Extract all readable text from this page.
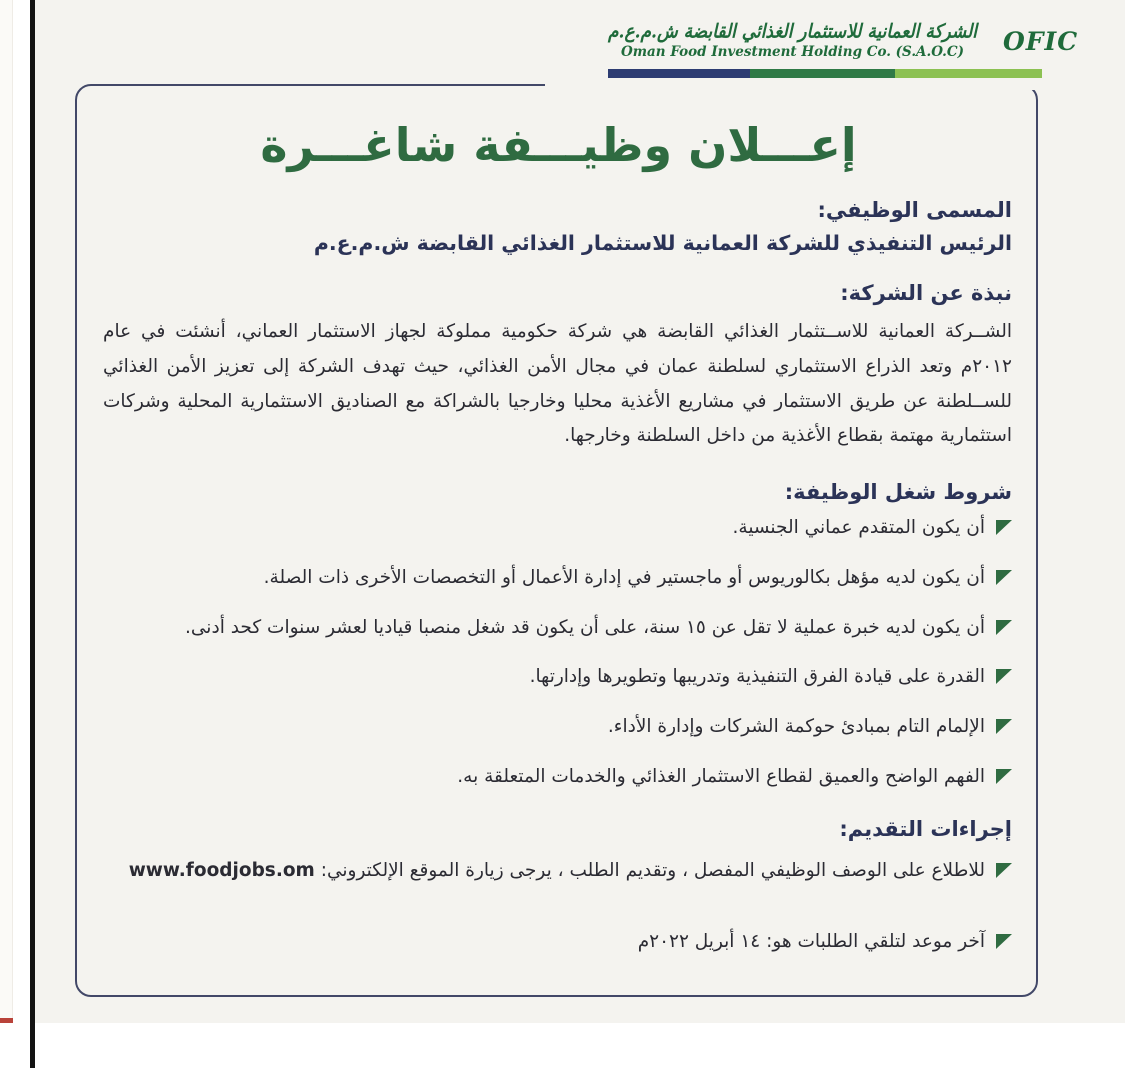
الشركة العمانية للاستثمار الغذائي القابضة ش.م.ع.م
Oman Food Investment Holding Co. (S.A.O.C) OFIC
إعـــلان وظيـــفة شاغـــرة
المسمى الوظيفي:
الرئيس التنفيذي للشركة العمانية للاستثمار الغذائي القابضة ش.م.ع.م
نبذة عن الشركة:
الشــركة العمانية للاســتثمار الغذائي القابضة هي شركة حكومية مملوكة لجهاز الاستثمار العماني، أنشئت في عام ٢٠١٢م وتعد الذراع الاستثماري لسلطنة عمان في مجال الأمن الغذائي، حيث تهدف الشركة إلى تعزيز الأمن الغذائي للســلطنة عن طريق الاستثمار في مشاريع الأغذية محليا وخارجيا بالشراكة مع الصناديق الاستثمارية المحلية وشركات استثمارية مهتمة بقطاع الأغذية من داخل السلطنة وخارجها.
شروط شغل الوظيفة:
أن يكون المتقدم عماني الجنسية.
أن يكون لديه مؤهل بكالوريوس أو ماجستير في إدارة الأعمال أو التخصصات الأخرى ذات الصلة.
أن يكون لديه خبرة عملية لا تقل عن ١٥ سنة، على أن يكون قد شغل منصبا قياديا لعشر سنوات كحد أدنى.
القدرة على قيادة الفرق التنفيذية وتدريبها وتطويرها وإدارتها.
الإلمام التام بمبادئ حوكمة الشركات وإدارة الأداء.
الفهم الواضح والعميق لقطاع الاستثمار الغذائي والخدمات المتعلقة به.
إجراءات التقديم:
للاطلاع على الوصف الوظيفي المفصل ، وتقديم الطلب ، يرجى زيارة الموقع الإلكتروني: www.foodjobs.om
آخر موعد لتلقي الطلبات هو: ١٤ أبريل ٢٠٢٢م
